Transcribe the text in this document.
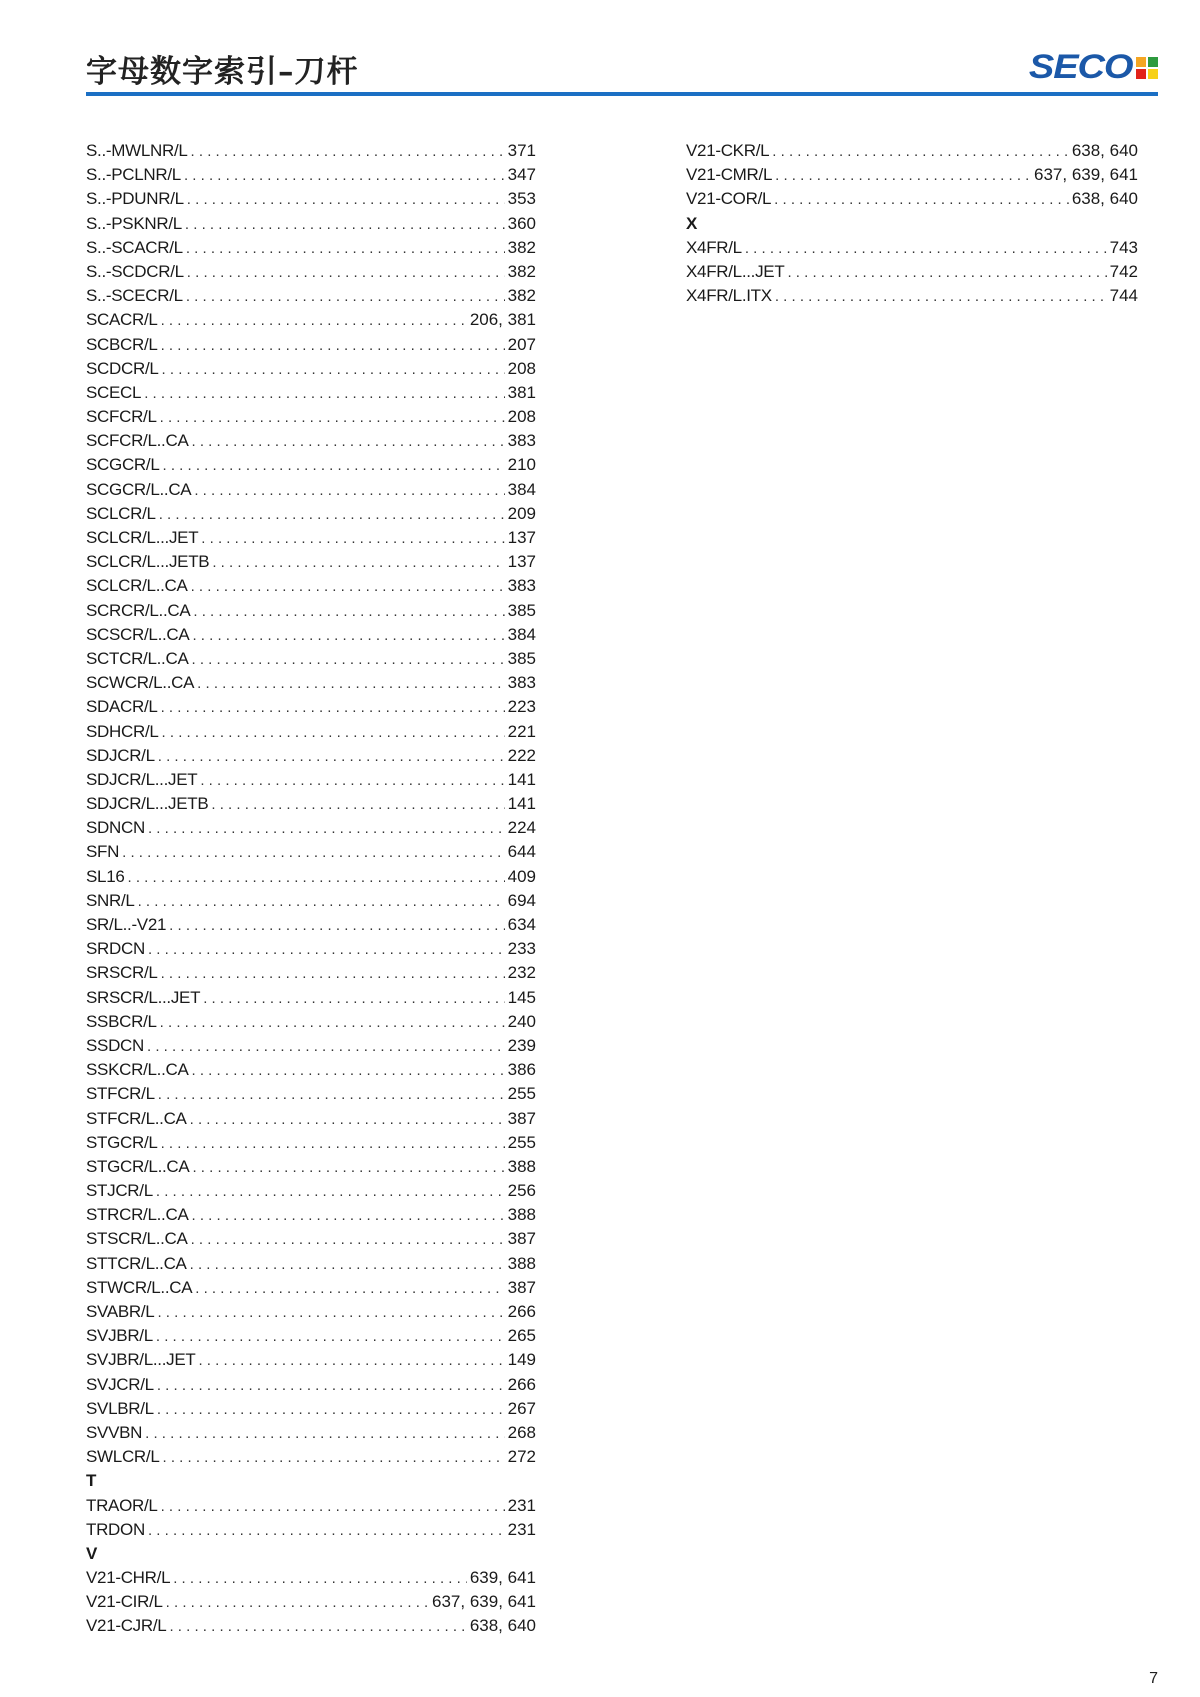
字母数字索引–刀杆	SECO
S..-MWLNR/L . . .	371
S..-PCLNR/L . . .	347
S..-PDUNR/L . . .	353
S..-PSKNR/L . . .	360
S..-SCACR/L . . .	382
S..-SCDCR/L . . .	382
S..-SCECR/L . . .	382
SCACR/L . . .	206, 381
SCBCR/L . . .	207
SCDCR/L . . .	208
SCECL . . .	381
SCFCR/L . . .	208
SCFCR/L..CA . . .	383
SCGCR/L . . .	210
SCGCR/L..CA . . .	384
SCLCR/L . . .	209
SCLCR/L...JET . . .	137
SCLCR/L...JETB . . .	137
SCLCR/L..CA . . .	383
SCRCR/L..CA . . .	385
SCSCR/L..CA . . .	384
SCTCR/L..CA . . .	385
SCWCR/L..CA . . .	383
SDACR/L . . .	223
SDHCR/L . . .	221
SDJCR/L . . .	222
SDJCR/L...JET . . .	141
SDJCR/L...JETB . . .	141
SDNCN . . .	224
SFN . . .	644
SL16 . . .	409
SNR/L . . .	694
SR/L..-V21 . . .	634
SRDCN . . .	233
SRSCR/L . . .	232
SRSCR/L...JET . . .	145
SSBCR/L . . .	240
SSDCN . . .	239
SSKCR/L..CA . . .	386
STFCR/L . . .	255
STFCR/L..CA . . .	387
STGCR/L . . .	255
STGCR/L..CA . . .	388
STJCR/L . . .	256
STRCR/L..CA . . .	388
STSCR/L..CA . . .	387
STTCR/L..CA . . .	388
STWCR/L..CA . . .	387
SVABR/L . . .	266
SVJBR/L . . .	265
SVJBR/L...JET . . .	149
SVJCR/L . . .	266
SVLBR/L . . .	267
SVVBN . . .	268
SWLCR/L . . .	272
T
TRAOR/L . . .	231
TRDON . . .	231
V
V21-CHR/L . . .	639, 641
V21-CIR/L . . .	637, 639, 641
V21-CJR/L . . .	638, 640
V21-CKR/L . . .	638, 640
V21-CMR/L . . .	637, 639, 641
V21-COR/L . . .	638, 640
X
X4FR/L . . .	743
X4FR/L...JET . . .	742
X4FR/L.ITX . . .	744
7
